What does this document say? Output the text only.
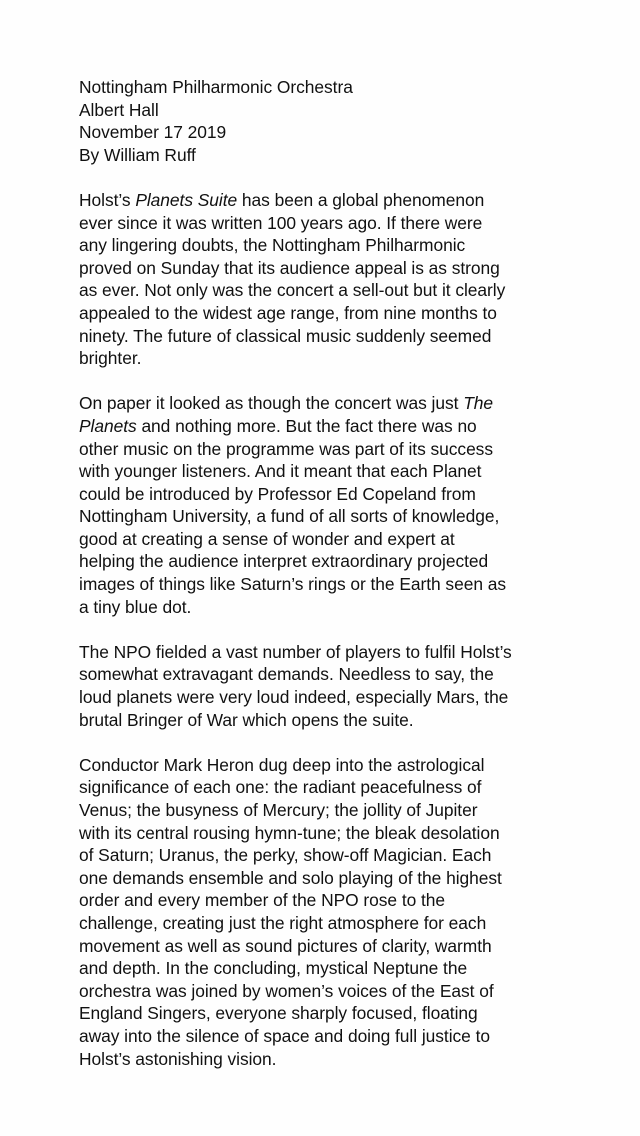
Nottingham Philharmonic Orchestra

Albert Hall

November 17 2019

By William Ruff

Holst’s Planets Suite has been a global phenomenon
ever since it was written 100 years ago. If there were
any lingering doubts, the Nottingham Philharmonic
proved on Sunday that its audience appeal is as strong
as ever. Not only was the concert a sell-out but it clearly
appealed to the widest age range, from nine months to
ninety. The future of classical music suddenly seemed
brighter.
On paper it looked as though the concert was just The
Planets and nothing more. But the fact there was no
other music on the programme was part of its success
with younger listeners. And it meant that each Planet
could be introduced by Professor Ed Copeland from
Nottingham University, a fund of all sorts of knowledge,
good at creating a sense of wonder and expert at
helping the audience interpret extraordinary projected
images of things like Saturn’s rings or the Earth seen as
a tiny blue dot.
The NPO fielded a vast number of players to fulfil Holst’s
somewhat extravagant demands. Needless to say, the
loud planets were very loud indeed, especially Mars, the
brutal Bringer of War which opens the suite.
Conductor Mark Heron dug deep into the astrological
significance of each one: the radiant peacefulness of
Venus; the busyness of Mercury; the jollity of Jupiter
with its central rousing hymn-tune; the bleak desolation
of Saturn; Uranus, the perky, show-off Magician. Each
one demands ensemble and solo playing of the highest
order and every member of the NPO rose to the
challenge, creating just the right atmosphere for each
movement as well as sound pictures of clarity, warmth
and depth. In the concluding, mystical Neptune the
orchestra was joined by women’s voices of the East of
England Singers, everyone sharply focused, floating
away into the silence of space and doing full justice to
Holst’s astonishing vision.
